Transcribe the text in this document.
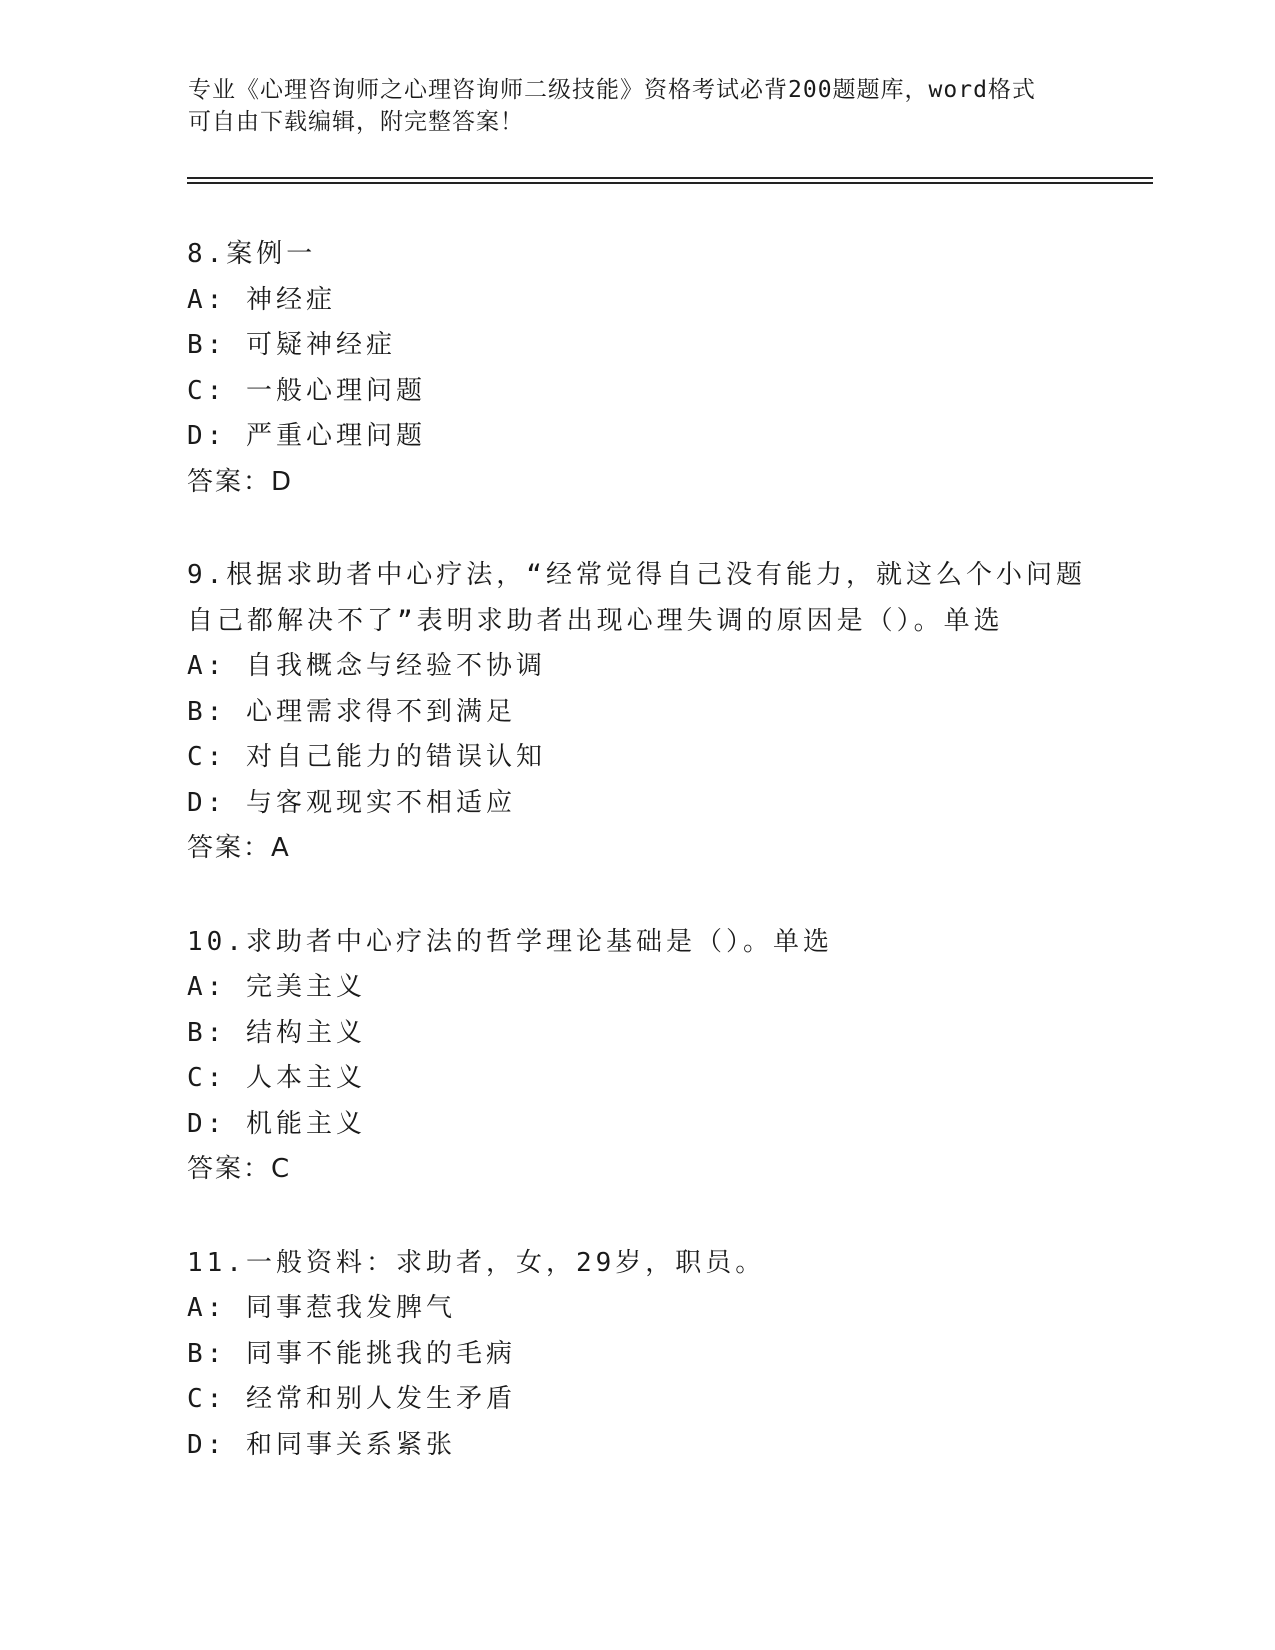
专业《心理咨询师之心理咨询师二级技能》资格考试必背200题题库，word格式
可自由下载编辑，附完整答案！
8.案例一
A: 神经症
B: 可疑神经症
C: 一般心理问题
D: 严重心理问题
答案：D
9.根据求助者中心疗法，“经常觉得自己没有能力，就这么个小问题
自己都解决不了”表明求助者出现心理失调的原因是（）。单选
A: 自我概念与经验不协调
B: 心理需求得不到满足
C: 对自己能力的错误认知
D: 与客观现实不相适应
答案：A
10.求助者中心疗法的哲学理论基础是（）。单选
A: 完美主义
B: 结构主义
C: 人本主义
D: 机能主义
答案：C
11.一般资料：求助者，女，29岁，职员。
A: 同事惹我发脾气
B: 同事不能挑我的毛病
C: 经常和别人发生矛盾
D: 和同事关系紧张
